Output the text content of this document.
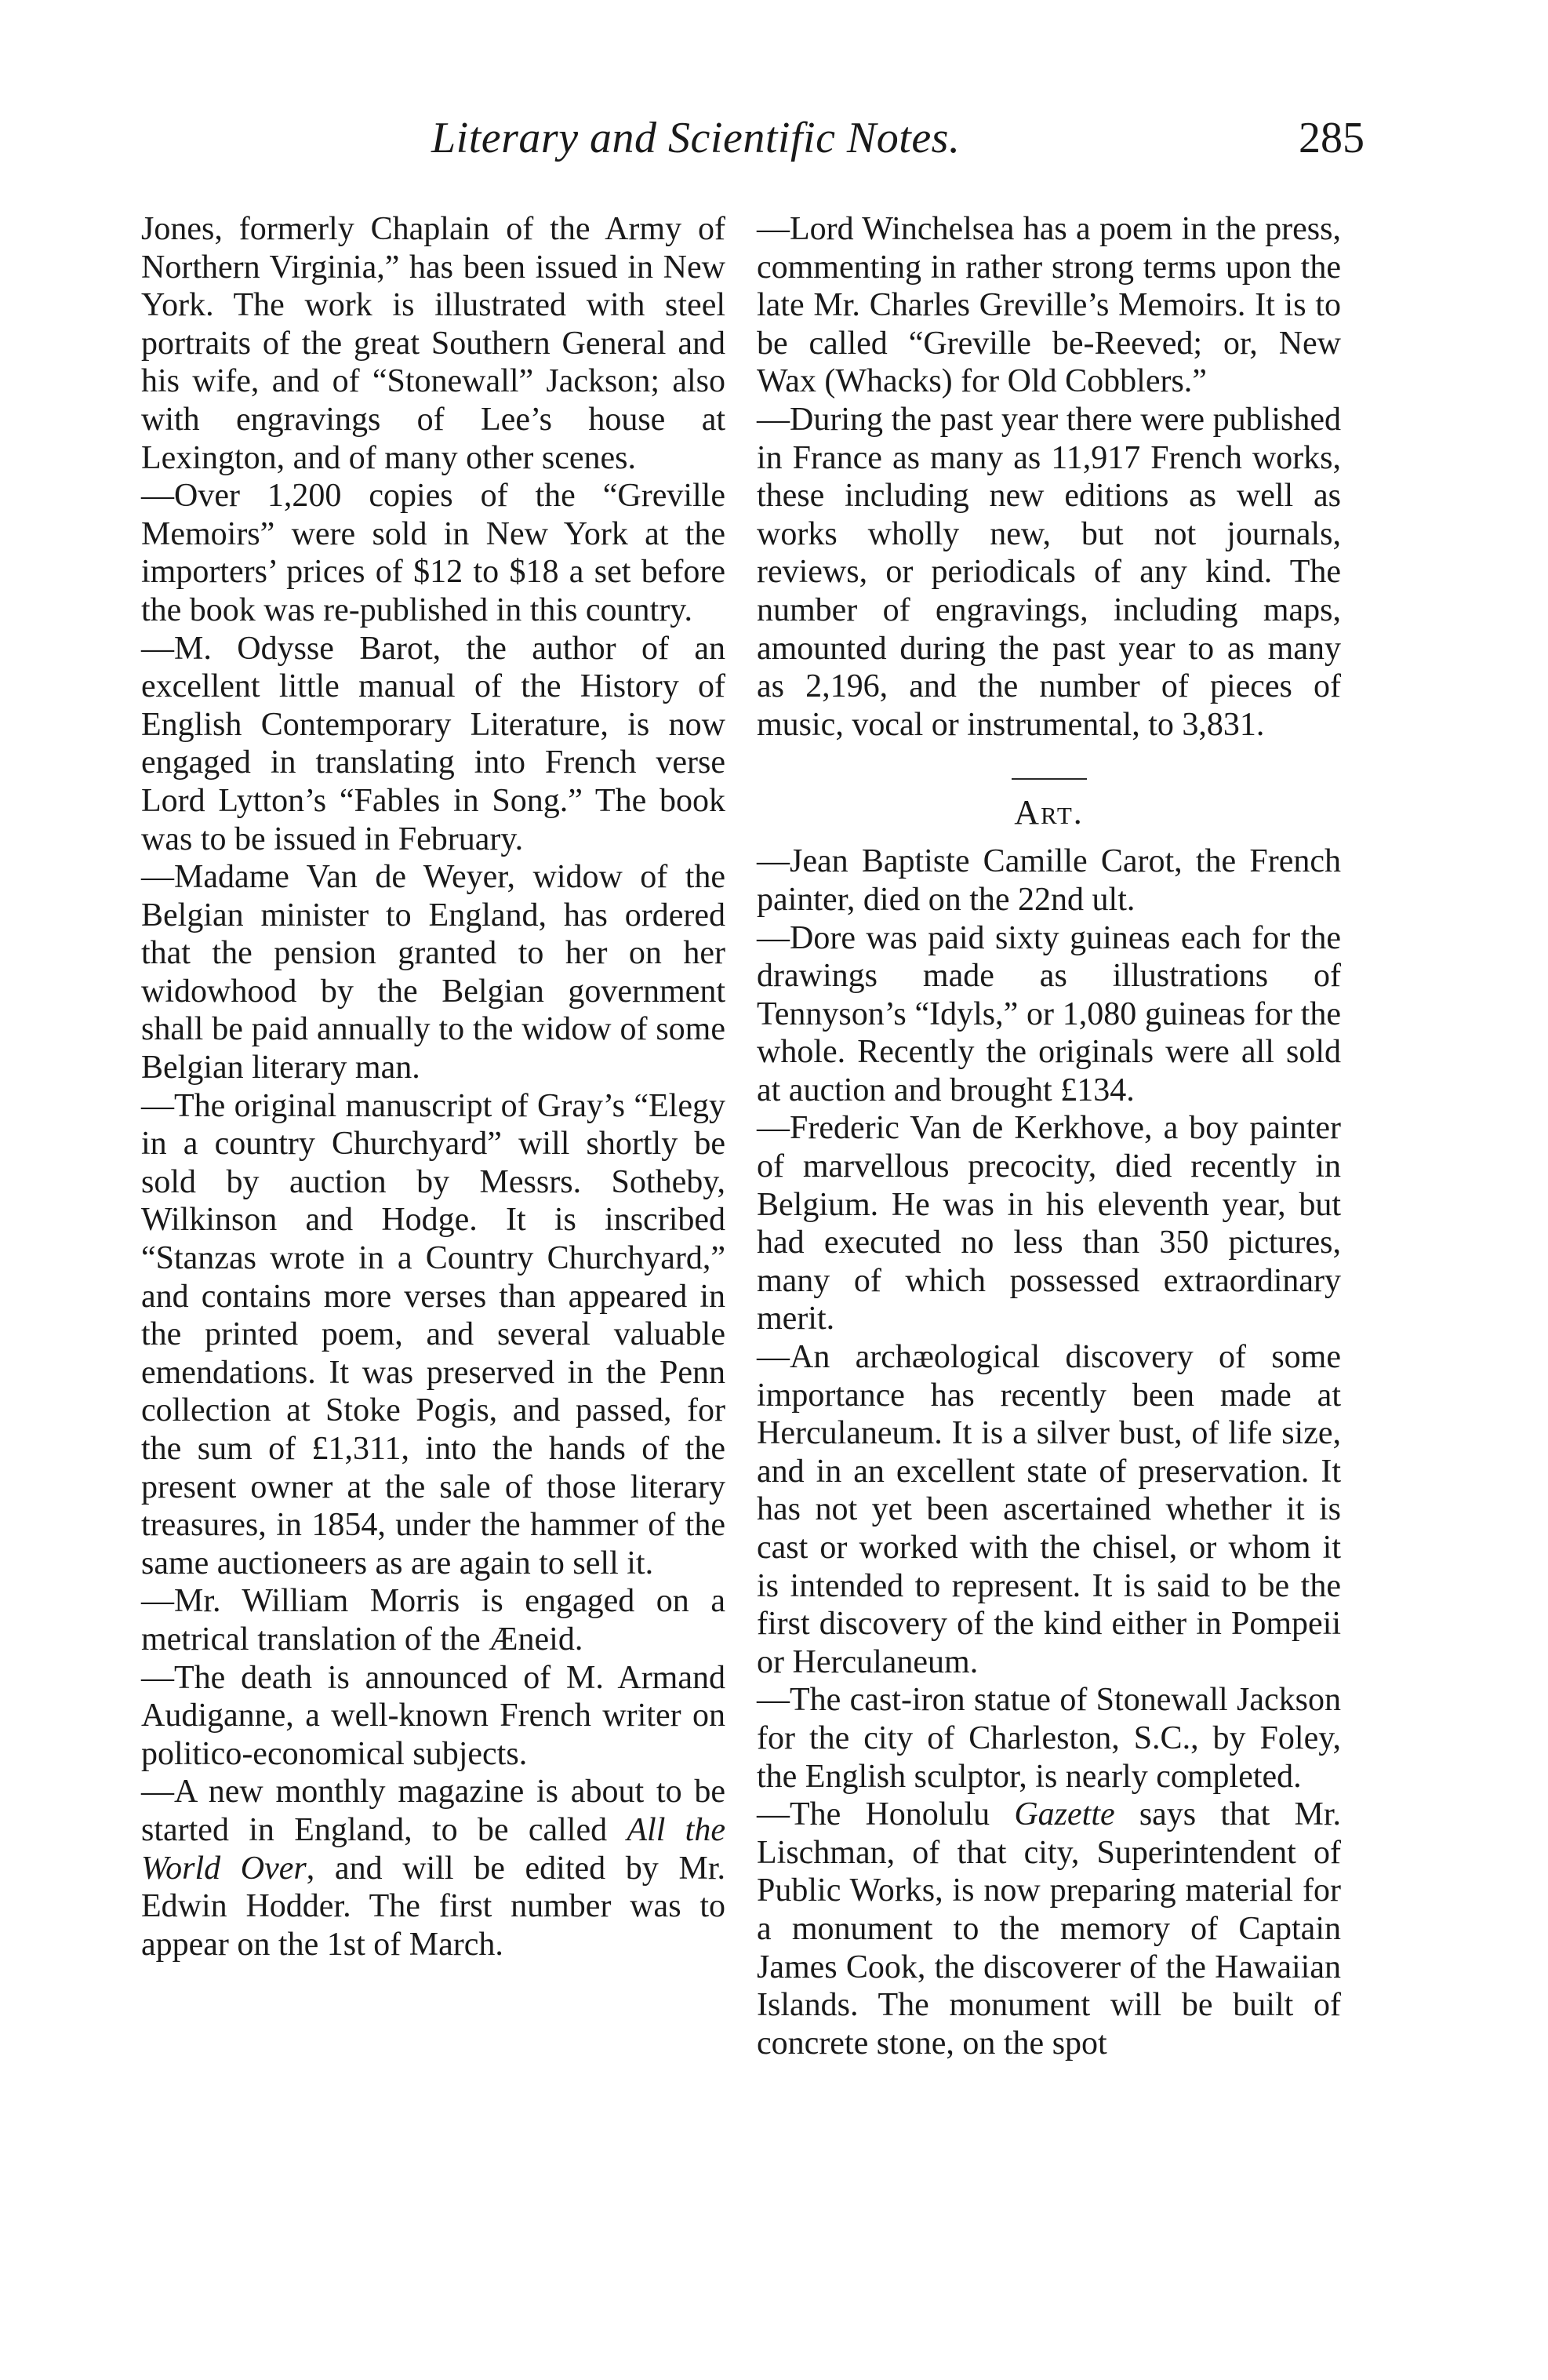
Literary and Scientific Notes.	285

Jones, formerly Chaplain of the Army of Northern Virginia,” has been issued in New York. The work is illustrated with steel portraits of the great Southern General and his wife, and of “Stonewall” Jackson; also with engravings of Lee’s house at Lexington, and of many other scenes.

—Over 1,200 copies of the “Greville Memoirs” were sold in New York at the importers’ prices of $12 to $18 a set before the book was re-published in this country.

—M. Odysse Barot, the author of an excellent little manual of the History of English Contemporary Literature, is now engaged in translating into French verse Lord Lytton’s “Fables in Song.” The book was to be issued in February.

—Madame Van de Weyer, widow of the Belgian minister to England, has ordered that the pension granted to her on her widowhood by the Belgian government shall be paid annually to the widow of some Belgian literary man.

—The original manuscript of Gray’s “Elegy in a country Churchyard” will shortly be sold by auction by Messrs. Sotheby, Wilkinson and Hodge. It is inscribed “Stanzas wrote in a Country Churchyard,” and contains more verses than appeared in the printed poem, and several valuable emendations. It was preserved in the Penn collection at Stoke Pogis, and passed, for the sum of £1,311, into the hands of the present owner at the sale of those literary treasures, in 1854, under the hammer of the same auctioneers as are again to sell it.

—Mr. William Morris is engaged on a metrical translation of the Æneid.

—The death is announced of M. Armand Audiganne, a well-known French writer on politico-economical subjects.

—A new monthly magazine is about to be started in England, to be called All the World Over, and will be edited by Mr. Edwin Hodder. The first number was to appear on the 1st of March.

—Lord Winchelsea has a poem in the press, commenting in rather strong terms upon the late Mr. Charles Greville’s Memoirs. It is to be called “Greville be-Reeved; or, New Wax (Whacks) for Old Cobblers.”

—During the past year there were published in France as many as 11,917 French works, these including new editions as well as works wholly new, but not journals, reviews, or periodicals of any kind. The number of engravings, including maps, amounted during the past year to as many as 2,196, and the number of pieces of music, vocal or instrumental, to 3,831.

Art.

—Jean Baptiste Camille Carot, the French painter, died on the 22nd ult.

—Dore was paid sixty guineas each for the drawings made as illustrations of Tennyson’s “Idyls,” or 1,080 guineas for the whole. Recently the originals were all sold at auction and brought £134.

—Frederic Van de Kerkhove, a boy painter of marvellous precocity, died recently in Belgium. He was in his eleventh year, but had executed no less than 350 pictures, many of which possessed extraordinary merit.

—An archæological discovery of some importance has recently been made at Herculaneum. It is a silver bust, of life size, and in an excellent state of preservation. It has not yet been ascertained whether it is cast or worked with the chisel, or whom it is intended to represent. It is said to be the first discovery of the kind either in Pompeii or Herculaneum.

—The cast-iron statue of Stonewall Jackson for the city of Charleston, S.C., by Foley, the English sculptor, is nearly completed.

—The Honolulu Gazette says that Mr. Lischman, of that city, Superintendent of Public Works, is now preparing material for a monument to the memory of Captain James Cook, the discoverer of the Hawaiian Islands. The monument will be built of concrete stone, on the spot
